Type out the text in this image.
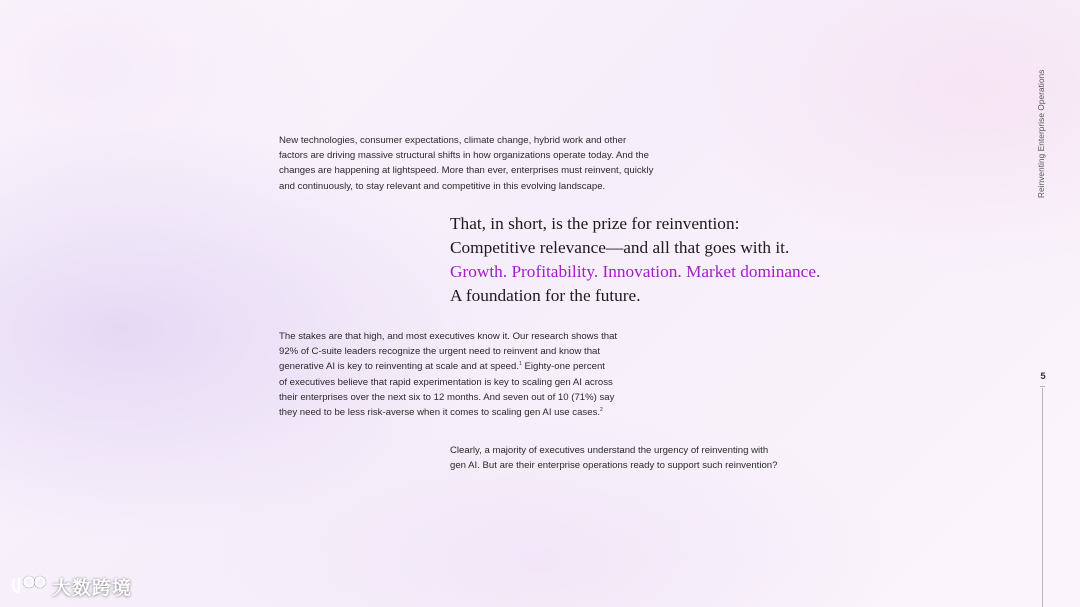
New technologies, consumer expectations, climate change, hybrid work and other
factors are driving massive structural shifts in how organizations operate today. And the
changes are happening at lightspeed. More than ever, enterprises must reinvent, quickly
and continuously, to stay relevant and competitive in this evolving landscape.

That, in short, is the prize for reinvention:
Competitive relevance—and all that goes with it.
Growth. Profitability. Innovation. Market dominance.
A foundation for the future.

The stakes are that high, and most executives know it. Our research shows that
92% of C-suite leaders recognize the urgent need to reinvent and know that
generative AI is key to reinventing at scale and at speed.$^1$ Eighty-one percent
of executives believe that rapid experimentation is key to scaling gen AI across
their enterprises over the next six to 12 months. And seven out of 10 (71%) say
they need to be less risk-averse when it comes to scaling gen AI use cases.$^2$

Clearly, a majority of executives understand the urgency of reinventing with
gen AI. But are their enterprise operations ready to support such reinvention?

Reinventing Enterprise Operations
5
大数跨境
